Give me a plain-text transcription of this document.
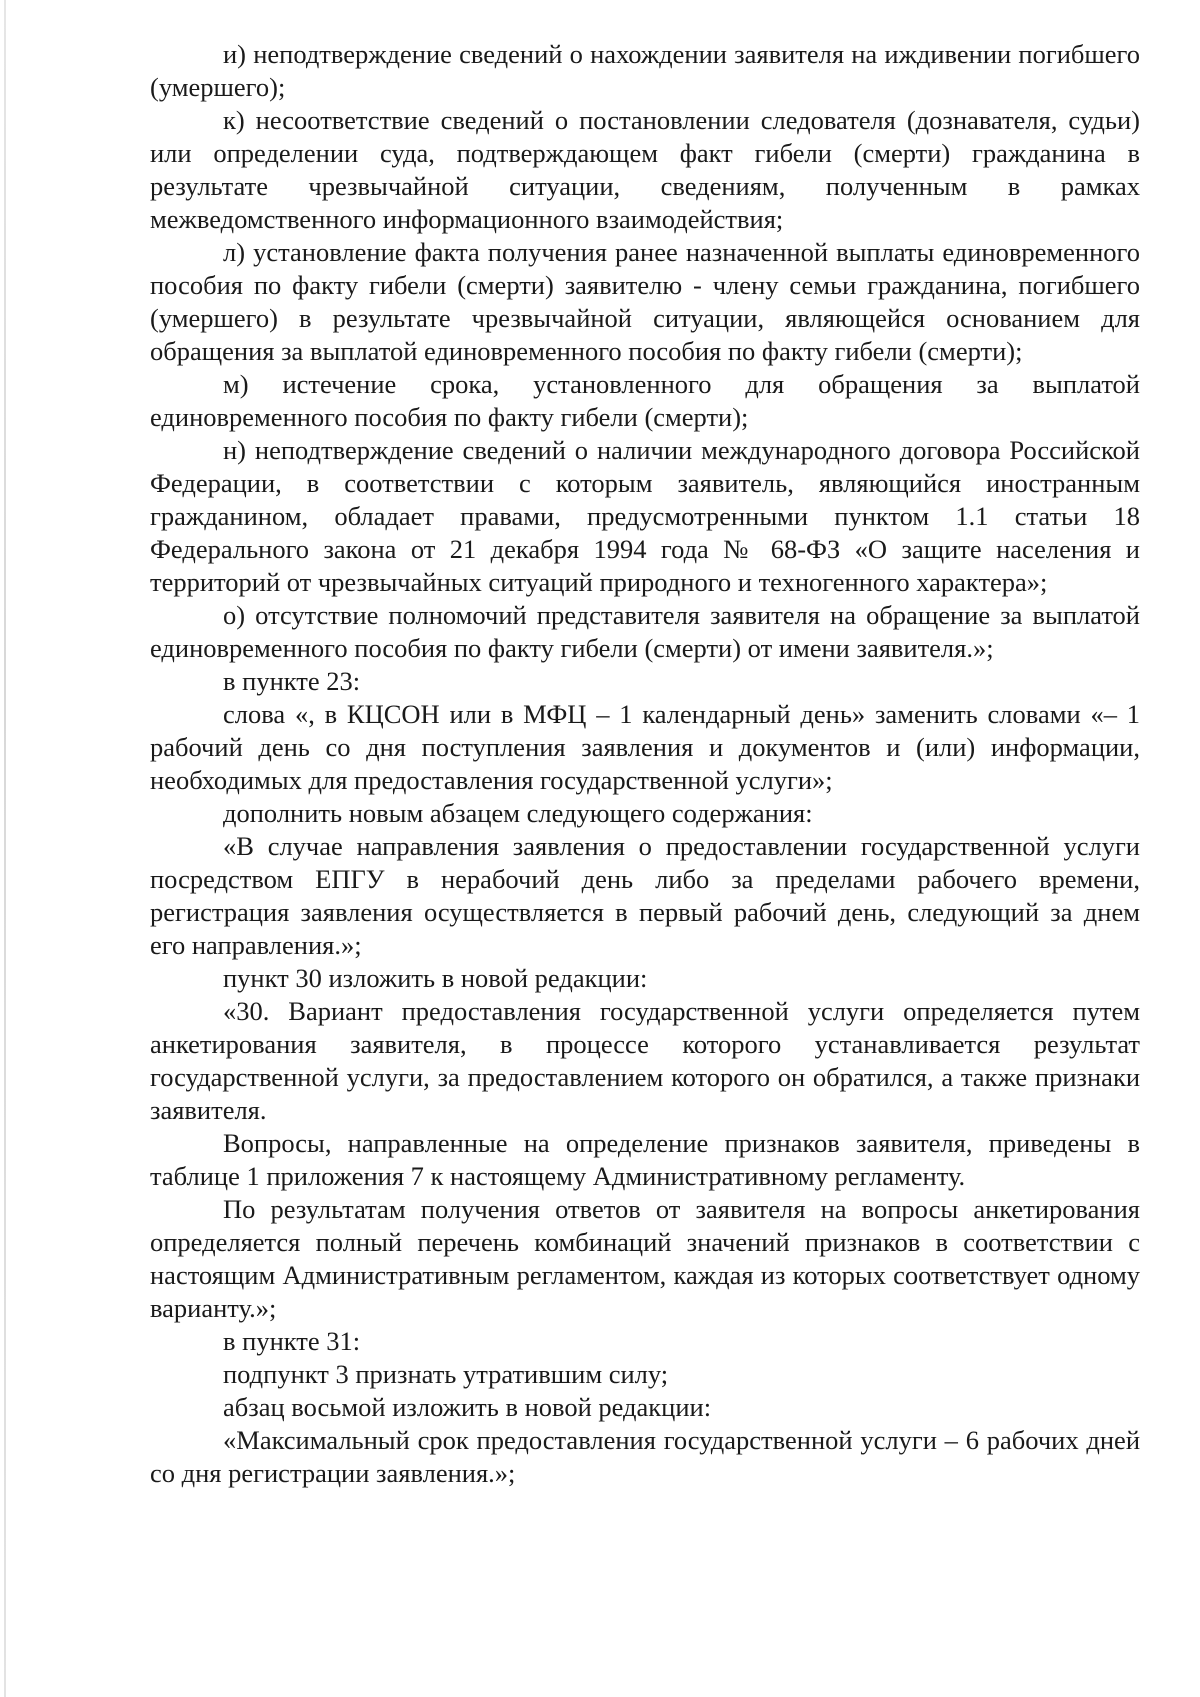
и) неподтверждение сведений о нахождении заявителя на иждивении погибшего (умершего);

к) несоответствие сведений о постановлении следователя (дознавателя, судьи) или определении суда, подтверждающем факт гибели (смерти) гражданина в результате чрезвычайной ситуации, сведениям, полученным в рамках межведомственного информационного взаимодействия;

л) установление факта получения ранее назначенной выплаты единовременного пособия по факту гибели (смерти) заявителю - члену семьи гражданина, погибшего (умершего) в результате чрезвычайной ситуации, являющейся основанием для обращения за выплатой единовременного пособия по факту гибели (смерти);

м) истечение срока, установленного для обращения за выплатой единовременного пособия по факту гибели (смерти);

н) неподтверждение сведений о наличии международного договора Российской Федерации, в соответствии с которым заявитель, являющийся иностранным гражданином, обладает правами, предусмотренными пунктом 1.1 статьи 18 Федерального закона от 21 декабря 1994 года № 68-ФЗ «О защите населения и территорий от чрезвычайных ситуаций природного и техногенного характера»;

о) отсутствие полномочий представителя заявителя на обращение за выплатой единовременного пособия по факту гибели (смерти) от имени заявителя.»;

в пункте 23:

слова «, в КЦСОН или в МФЦ – 1 календарный день» заменить словами «– 1 рабочий день со дня поступления заявления и документов и (или) информации, необходимых для предоставления государственной услуги»;

дополнить новым абзацем следующего содержания:

«В случае направления заявления о предоставлении государственной услуги посредством ЕПГУ в нерабочий день либо за пределами рабочего времени, регистрация заявления осуществляется в первый рабочий день, следующий за днем его направления.»;

пункт 30 изложить в новой редакции:

«30. Вариант предоставления государственной услуги определяется путем анкетирования заявителя, в процессе которого устанавливается результат государственной услуги, за предоставлением которого он обратился, а также признаки заявителя.

Вопросы, направленные на определение признаков заявителя, приведены в таблице 1 приложения 7 к настоящему Административному регламенту.

По результатам получения ответов от заявителя на вопросы анкетирования определяется полный перечень комбинаций значений признаков в соответствии с настоящим Административным регламентом, каждая из которых соответствует одному варианту.»;

в пункте 31:

подпункт 3 признать утратившим силу;

абзац восьмой изложить в новой редакции:

«Максимальный срок предоставления государственной услуги – 6 рабочих дней со дня регистрации заявления.»;
